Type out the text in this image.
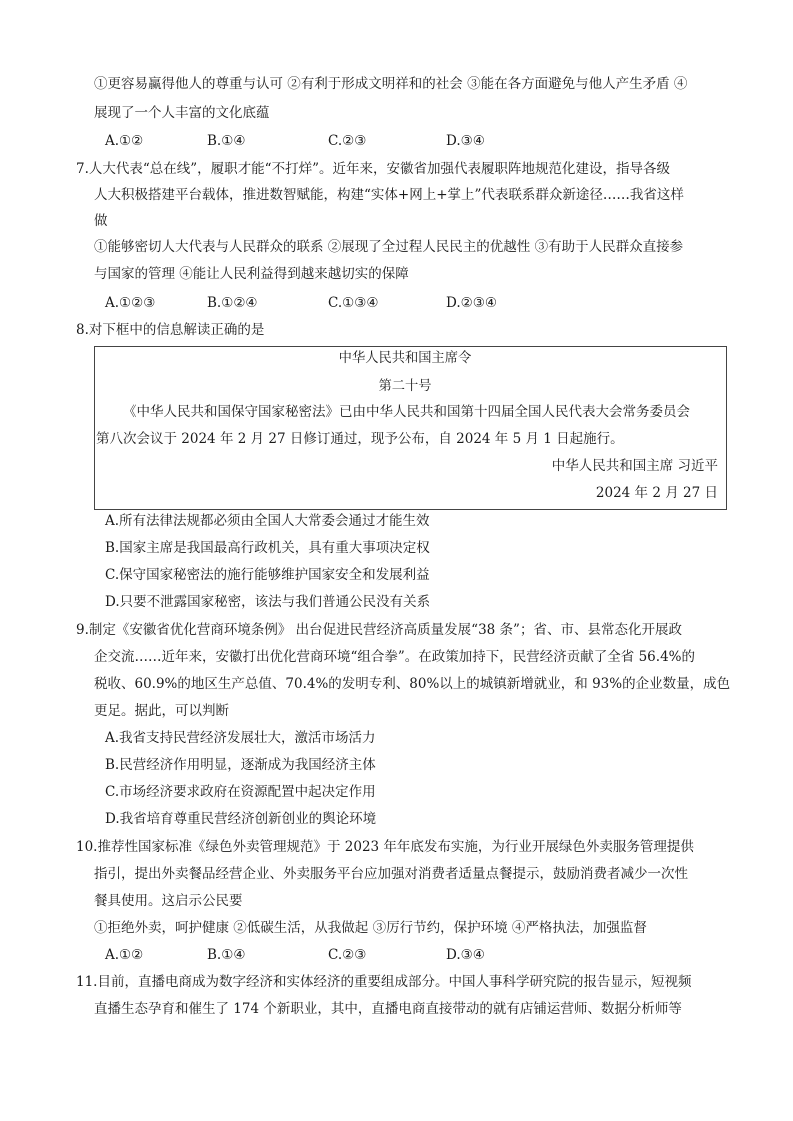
①更容易赢得他人的尊重与认可 ②有利于形成文明祥和的社会 ③能在各方面避免与他人产生矛盾 ④
展现了一个人丰富的文化底蕴
A.①②	B.①④	C.②③	D.③④
7.人大代表“总在线”，履职才能“不打烊”。近年来，安徽省加强代表履职阵地规范化建设，指导各级
人大积极搭建平台载体，推进数智赋能，构建“实体+网上+掌上”代表联系群众新途径……我省这样
做
①能够密切人大代表与人民群众的联系 ②展现了全过程人民民主的优越性 ③有助于人民群众直接参
与国家的管理 ④能让人民利益得到越来越切实的保障
A.①②③	B.①②④	C.①③④	D.②③④
8.对下框中的信息解读正确的是
中华人民共和国主席令
第二十号
《中华人民共和国保守国家秘密法》已由中华人民共和国第十四届全国人民代表大会常务委员会
第八次会议于 2024 年 2 月 27 日修订通过，现予公布，自 2024 年 5 月 1 日起施行。
中华人民共和国主席 习近平
2024 年 2 月 27 日
A.所有法律法规都必须由全国人大常委会通过才能生效
B.国家主席是我国最高行政机关，具有重大事项决定权
C.保守国家秘密法的施行能够维护国家安全和发展利益
D.只要不泄露国家秘密，该法与我们普通公民没有关系
9.制定《安徽省优化营商环境条例》 出台促进民营经济高质量发展“38 条”；省、市、县常态化开展政
企交流……近年来，安徽打出优化营商环境“组合拳”。在政策加持下，民营经济贡献了全省 56.4%的
税收、60.9%的地区生产总值、70.4%的发明专利、80%以上的城镇新增就业，和 93%的企业数量，成色
更足。据此，可以判断
A.我省支持民营经济发展壮大，激活市场活力
B.民营经济作用明显，逐渐成为我国经济主体
C.市场经济要求政府在资源配置中起决定作用
D.我省培育尊重民营经济创新创业的舆论环境
10.推荐性国家标准《绿色外卖管理规范》于 2023 年年底发布实施，为行业开展绿色外卖服务管理提供
指引，提出外卖餐品经营企业、外卖服务平台应加强对消费者适量点餐提示，鼓励消费者减少一次性
餐具使用。这启示公民要
①拒绝外卖，呵护健康 ②低碳生活，从我做起 ③厉行节约，保护环境 ④严格执法，加强监督
A.①②	B.①④	C.②③	D.③④
11.目前，直播电商成为数字经济和实体经济的重要组成部分。中国人事科学研究院的报告显示，短视频
直播生态孕育和催生了 174 个新职业，其中，直播电商直接带动的就有店铺运营师、数据分析师等
